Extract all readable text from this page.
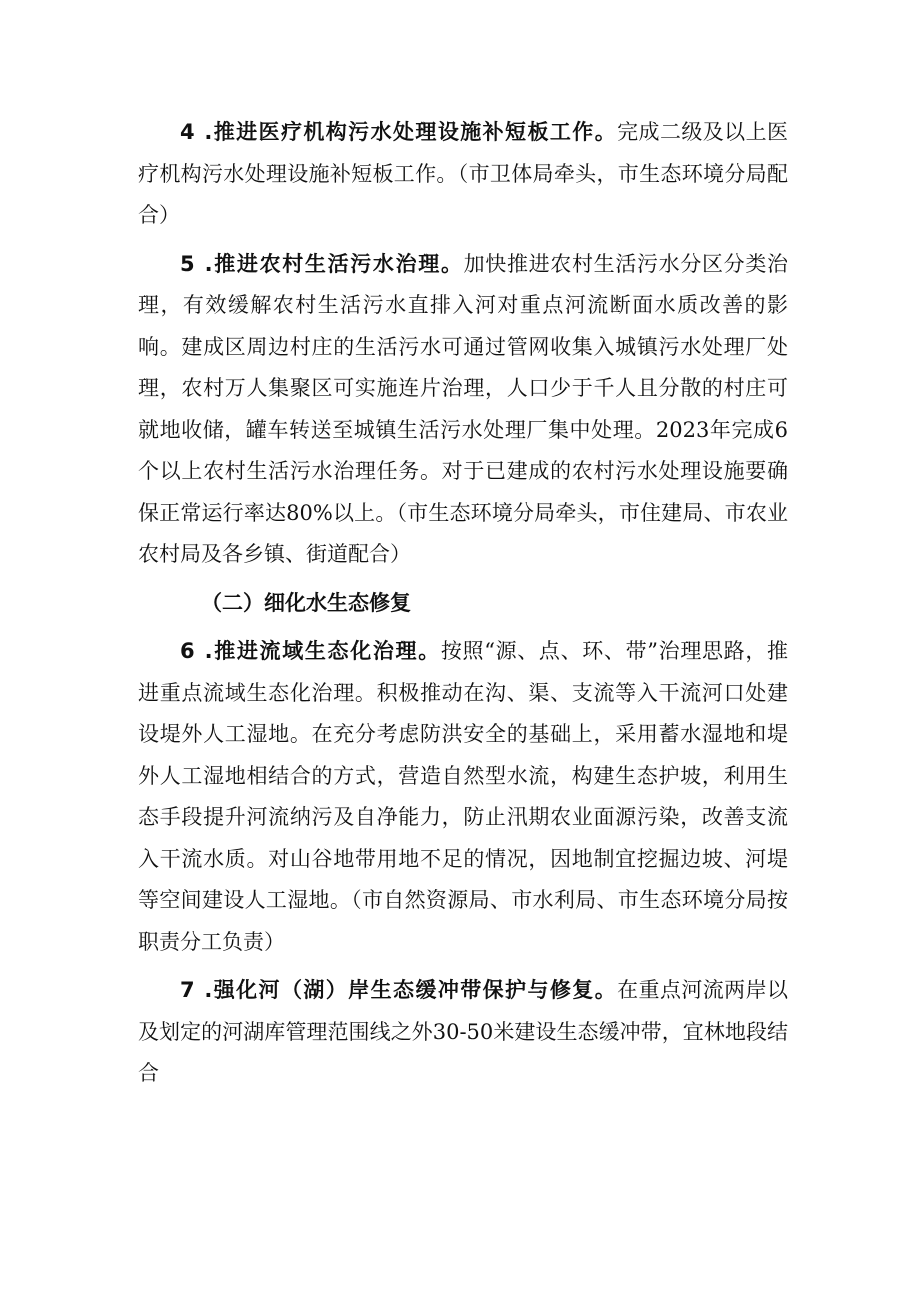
4 .推进医疗机构污水处理设施补短板工作。完成二级及以上医疗机构污水处理设施补短板工作。（市卫体局牵头，市生态环境分局配合）

5 .推进农村生活污水治理。加快推进农村生活污水分区分类治理，有效缓解农村生活污水直排入河对重点河流断面水质改善的影响。建成区周边村庄的生活污水可通过管网收集入城镇污水处理厂处理，农村万人集聚区可实施连片治理，人口少于千人且分散的村庄可就地收储，罐车转送至城镇生活污水处理厂集中处理。2023年完成6个以上农村生活污水治理任务。对于已建成的农村污水处理设施要确保正常运行率达80%以上。（市生态环境分局牵头，市住建局、市农业农村局及各乡镇、街道配合）

（二）细化水生态修复

6 .推进流域生态化治理。按照“源、点、环、带”治理思路，推进重点流域生态化治理。积极推动在沟、渠、支流等入干流河口处建设堤外人工湿地。在充分考虑防洪安全的基础上，采用蓄水湿地和堤外人工湿地相结合的方式，营造自然型水流，构建生态护坡，利用生态手段提升河流纳污及自净能力，防止汛期农业面源污染，改善支流入干流水质。对山谷地带用地不足的情况，因地制宜挖掘边坡、河堤等空间建设人工湿地。（市自然资源局、市水利局、市生态环境分局按职责分工负责）

7 .强化河（湖）岸生态缓冲带保护与修复。在重点河流两岸以及划定的河湖库管理范围线之外30-50米建设生态缓冲带，宜林地段结合
